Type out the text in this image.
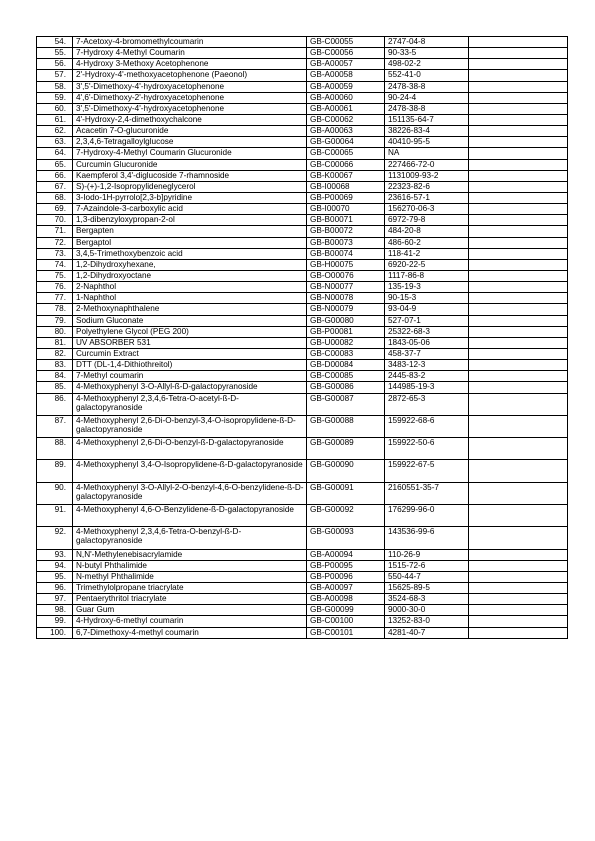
54.	7-Acetoxy-4-bromomethylcoumarin	GB-C00055	2747-04-8	
55.	7-Hydroxy 4-Methyl Coumarin	GB-C00056	90-33-5	
56.	4-Hydroxy 3-Methoxy Acetophenone	GB-A00057	498-02-2	
57.	2'-Hydroxy-4'-methoxyacetophenone (Paeonol)	GB-A00058	552-41-0	
58.	3',5'-Dimethoxy-4'-hydroxyacetophenone	GB-A00059	2478-38-8	
59.	4',6'-Dimethoxy-2'-hydroxyacetophenone	GB-A00060	90-24-4	
60.	3',5'-Dimethoxy-4'-hydroxyacetophenone	GB-A00061	2478-38-8	
61.	4'-Hydroxy-2,4-dimethoxychalcone	GB-C00062	151135-64-7	
62.	Acacetin 7-O-glucuronide	GB-A00063	38226-83-4	
63.	2,3,4,6-Tetragalloylglucose	GB-G00064	40410-95-5	
64.	7-Hydroxy-4-Methyl Coumarin Glucuronide	GB-C00065	NA	
65.	Curcumin Glucuronide	GB-C00066	227466-72-0	
66.	Kaempferol 3,4'-diglucoside 7-rhamnoside	GB-K00067	1131009-93-2	
67.	S)-(+)-1,2-Isopropylideneglycerol	GB-I00068	22323-82-6	
68.	3-Iodo-1H-pyrrolo[2,3-b]pyridine	GB-P00069	23616-57-1	
69.	7-Azaindole-3-carboxylic acid	GB-I00070	156270-06-3	
70.	1,3-dibenzyloxypropan-2-ol	GB-B00071	6972-79-8	
71.	Bergapten	GB-B00072	484-20-8	
72.	Bergaptol	GB-B00073	486-60-2	
73.	3,4,5-Trimethoxybenzoic acid	GB-B00074	118-41-2	
74.	1,2-Dihydroxyhexane,	GB-H00075	6920-22-5	
75.	1,2-Dihydroxyoctane	GB-O00076	1117-86-8	
76.	2-Naphthol	GB-N00077	135-19-3	
77.	1-Naphthol	GB-N00078	90-15-3	
78.	2-Methoxynaphthalene	GB-N00079	93-04-9	
79.	Sodium Gluconate	GB-G00080	527-07-1	
80.	Polyethylene Glycol (PEG 200)	GB-P00081	25322-68-3	
81.	UV ABSORBER 531	GB-U00082	1843-05-06	
82.	Curcumin Extract	GB-C00083	458-37-7	
83.	DTT (DL-1,4-Dithiothreitol)	GB-D00084	3483-12-3	
84.	7-Methyl coumarin	GB-C00085	2445-83-2	
85.	4-Methoxyphenyl 3-O-Allyl-ß-D-galactopyranoside	GB-G00086	144985-19-3	
86.	4-Methoxyphenyl 2,3,4,6-Tetra-O-acetyl-ß-D-galactopyranoside	GB-G00087	2872-65-3	
87.	4-Methoxyphenyl 2,6-Di-O-benzyl-3,4-O-isopropylidene-ß-D-galactopyranoside	GB-G00088	159922-68-6	
88.	4-Methoxyphenyl 2,6-Di-O-benzyl-ß-D-galactopyranoside	GB-G00089	159922-50-6	
89.	4-Methoxyphenyl 3,4-O-Isopropylidene-ß-D-galactopyranoside	GB-G00090	159922-67-5	
90.	4-Methoxyphenyl 3-O-Allyl-2-O-benzyl-4,6-O-benzylidene-ß-D-galactopyranoside	GB-G00091	2160551-35-7	
91.	4-Methoxyphenyl 4,6-O-Benzylidene-ß-D-galactopyranoside	GB-G00092	176299-96-0	
92.	4-Methoxyphenyl 2,3,4,6-Tetra-O-benzyl-ß-D-galactopyranoside	GB-G00093	143536-99-6	
93.	N,N'-Methylenebisacrylamide	GB-A00094	110-26-9	
94.	N-butyl Phthalimide	GB-P00095	1515-72-6	
95.	N-methyl Phthalimide	GB-P00096	550-44-7	
96.	Trimethylolpropane triacrylate	GB-A00097	15625-89-5	
97.	Pentaerythritol triacrylate	GB-A00098	3524-68-3	
98.	Guar Gum	GB-G00099	9000-30-0	
99.	4-Hydroxy-6-methyl coumarin	GB-C00100	13252-83-0	
100.	6,7-Dimethoxy-4-methyl coumarin	GB-C00101	4281-40-7	
